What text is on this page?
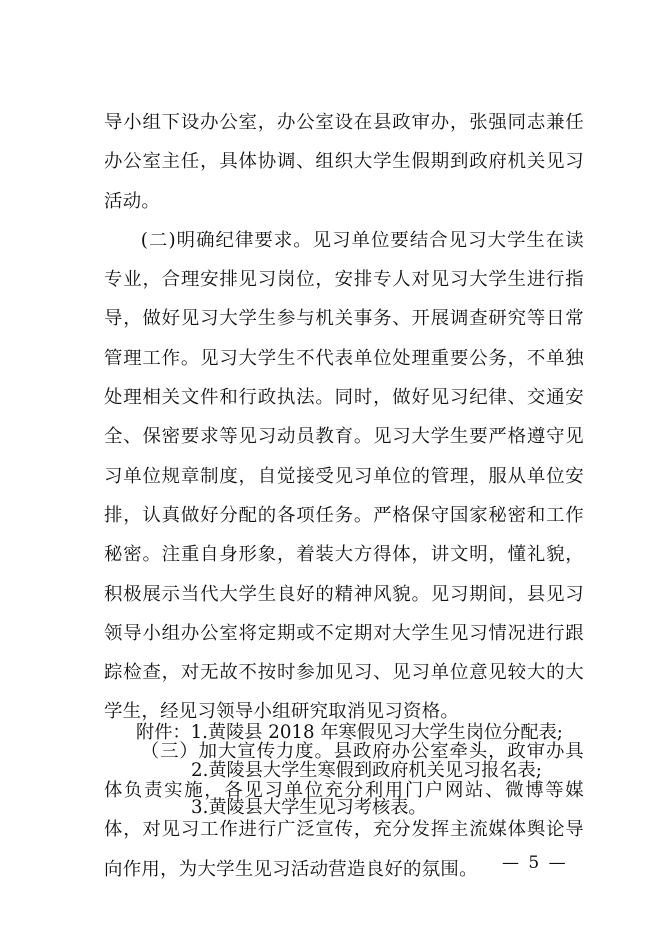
导小组下设办公室，办公室设在县政审办，张强同志兼任办公室主任，具体协调、组织大学生假期到政府机关见习活动。

(二)明确纪律要求。见习单位要结合见习大学生在读专业，合理安排见习岗位，安排专人对见习大学生进行指导，做好见习大学生参与机关事务、开展调查研究等日常管理工作。见习大学生不代表单位处理重要公务，不单独处理相关文件和行政执法。同时，做好见习纪律、交通安全、保密要求等见习动员教育。见习大学生要严格遵守见习单位规章制度，自觉接受见习单位的管理，服从单位安排，认真做好分配的各项任务。严格保守国家秘密和工作秘密。注重自身形象，着装大方得体，讲文明，懂礼貌，积极展示当代大学生良好的精神风貌。见习期间，县见习领导小组办公室将定期或不定期对大学生见习情况进行跟踪检查，对无故不按时参加见习、见习单位意见较大的大学生，经见习领导小组研究取消见习资格。

（三）加大宣传力度。县政府办公室牵头，政审办具体负责实施，各见习单位充分利用门户网站、微博等媒体，对见习工作进行广泛宣传，充分发挥主流媒体舆论导向作用，为大学生见习活动营造良好的氛围。

附件：1.黄陵县 2018 年寒假见习大学生岗位分配表;
2.黄陵县大学生寒假到政府机关见习报名表;
3.黄陵县大学生见习考核表。
— 5 —
